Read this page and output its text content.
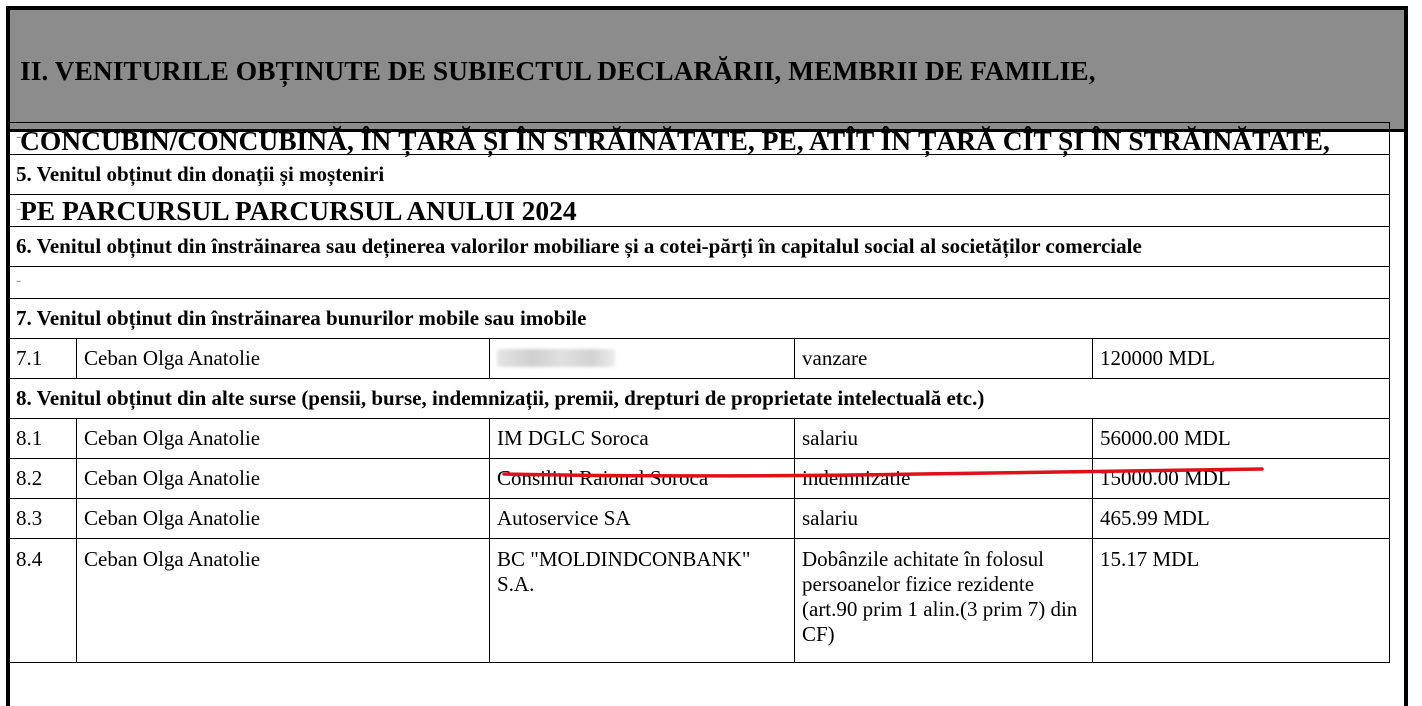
II. VENITURILE OBȚINUTE DE SUBIECTUL DECLARĂRII, MEMBRII DE FAMILIE,

CONCUBIN/CONCUBINĂ, ÎN ȚARĂ ȘI ÎN STRĂINĂTATE, PE, ATÎT ÎN ȚARĂ CÎT ȘI ÎN STRĂINĂTATE,

PE PARCURSUL PARCURSUL ANULUI 2024

-				
5. Venitul obținut din donații și moșteniri				
-				
6. Venitul obținut din înstrăinarea sau deținerea valorilor mobiliare și a cotei-părți în capitalul social al societăților comerciale				
-				
7. Venitul obținut din înstrăinarea bunurilor mobile sau imobile				
7.1	Ceban Olga Anatolie		vanzare	120000 MDL
8. Venitul obținut din alte surse (pensii, burse, indemnizații, premii, drepturi de proprietate intelectuală etc.)				
8.1	Ceban Olga Anatolie	IM DGLC Soroca	salariu	56000.00 MDL
8.2	Ceban Olga Anatolie	Consiliul Raional Soroca	indemnizatie	15000.00 MDL
8.3	Ceban Olga Anatolie	Autoservice SA	salariu	465.99 MDL
8.4	Ceban Olga Anatolie	BC "MOLDINDCONBANK" S.A.	Dobânzile achitate în folosul persoanelor fizice rezidente (art.90 prim 1 alin.(3 prim 7) din CF)	15.17 MDL
